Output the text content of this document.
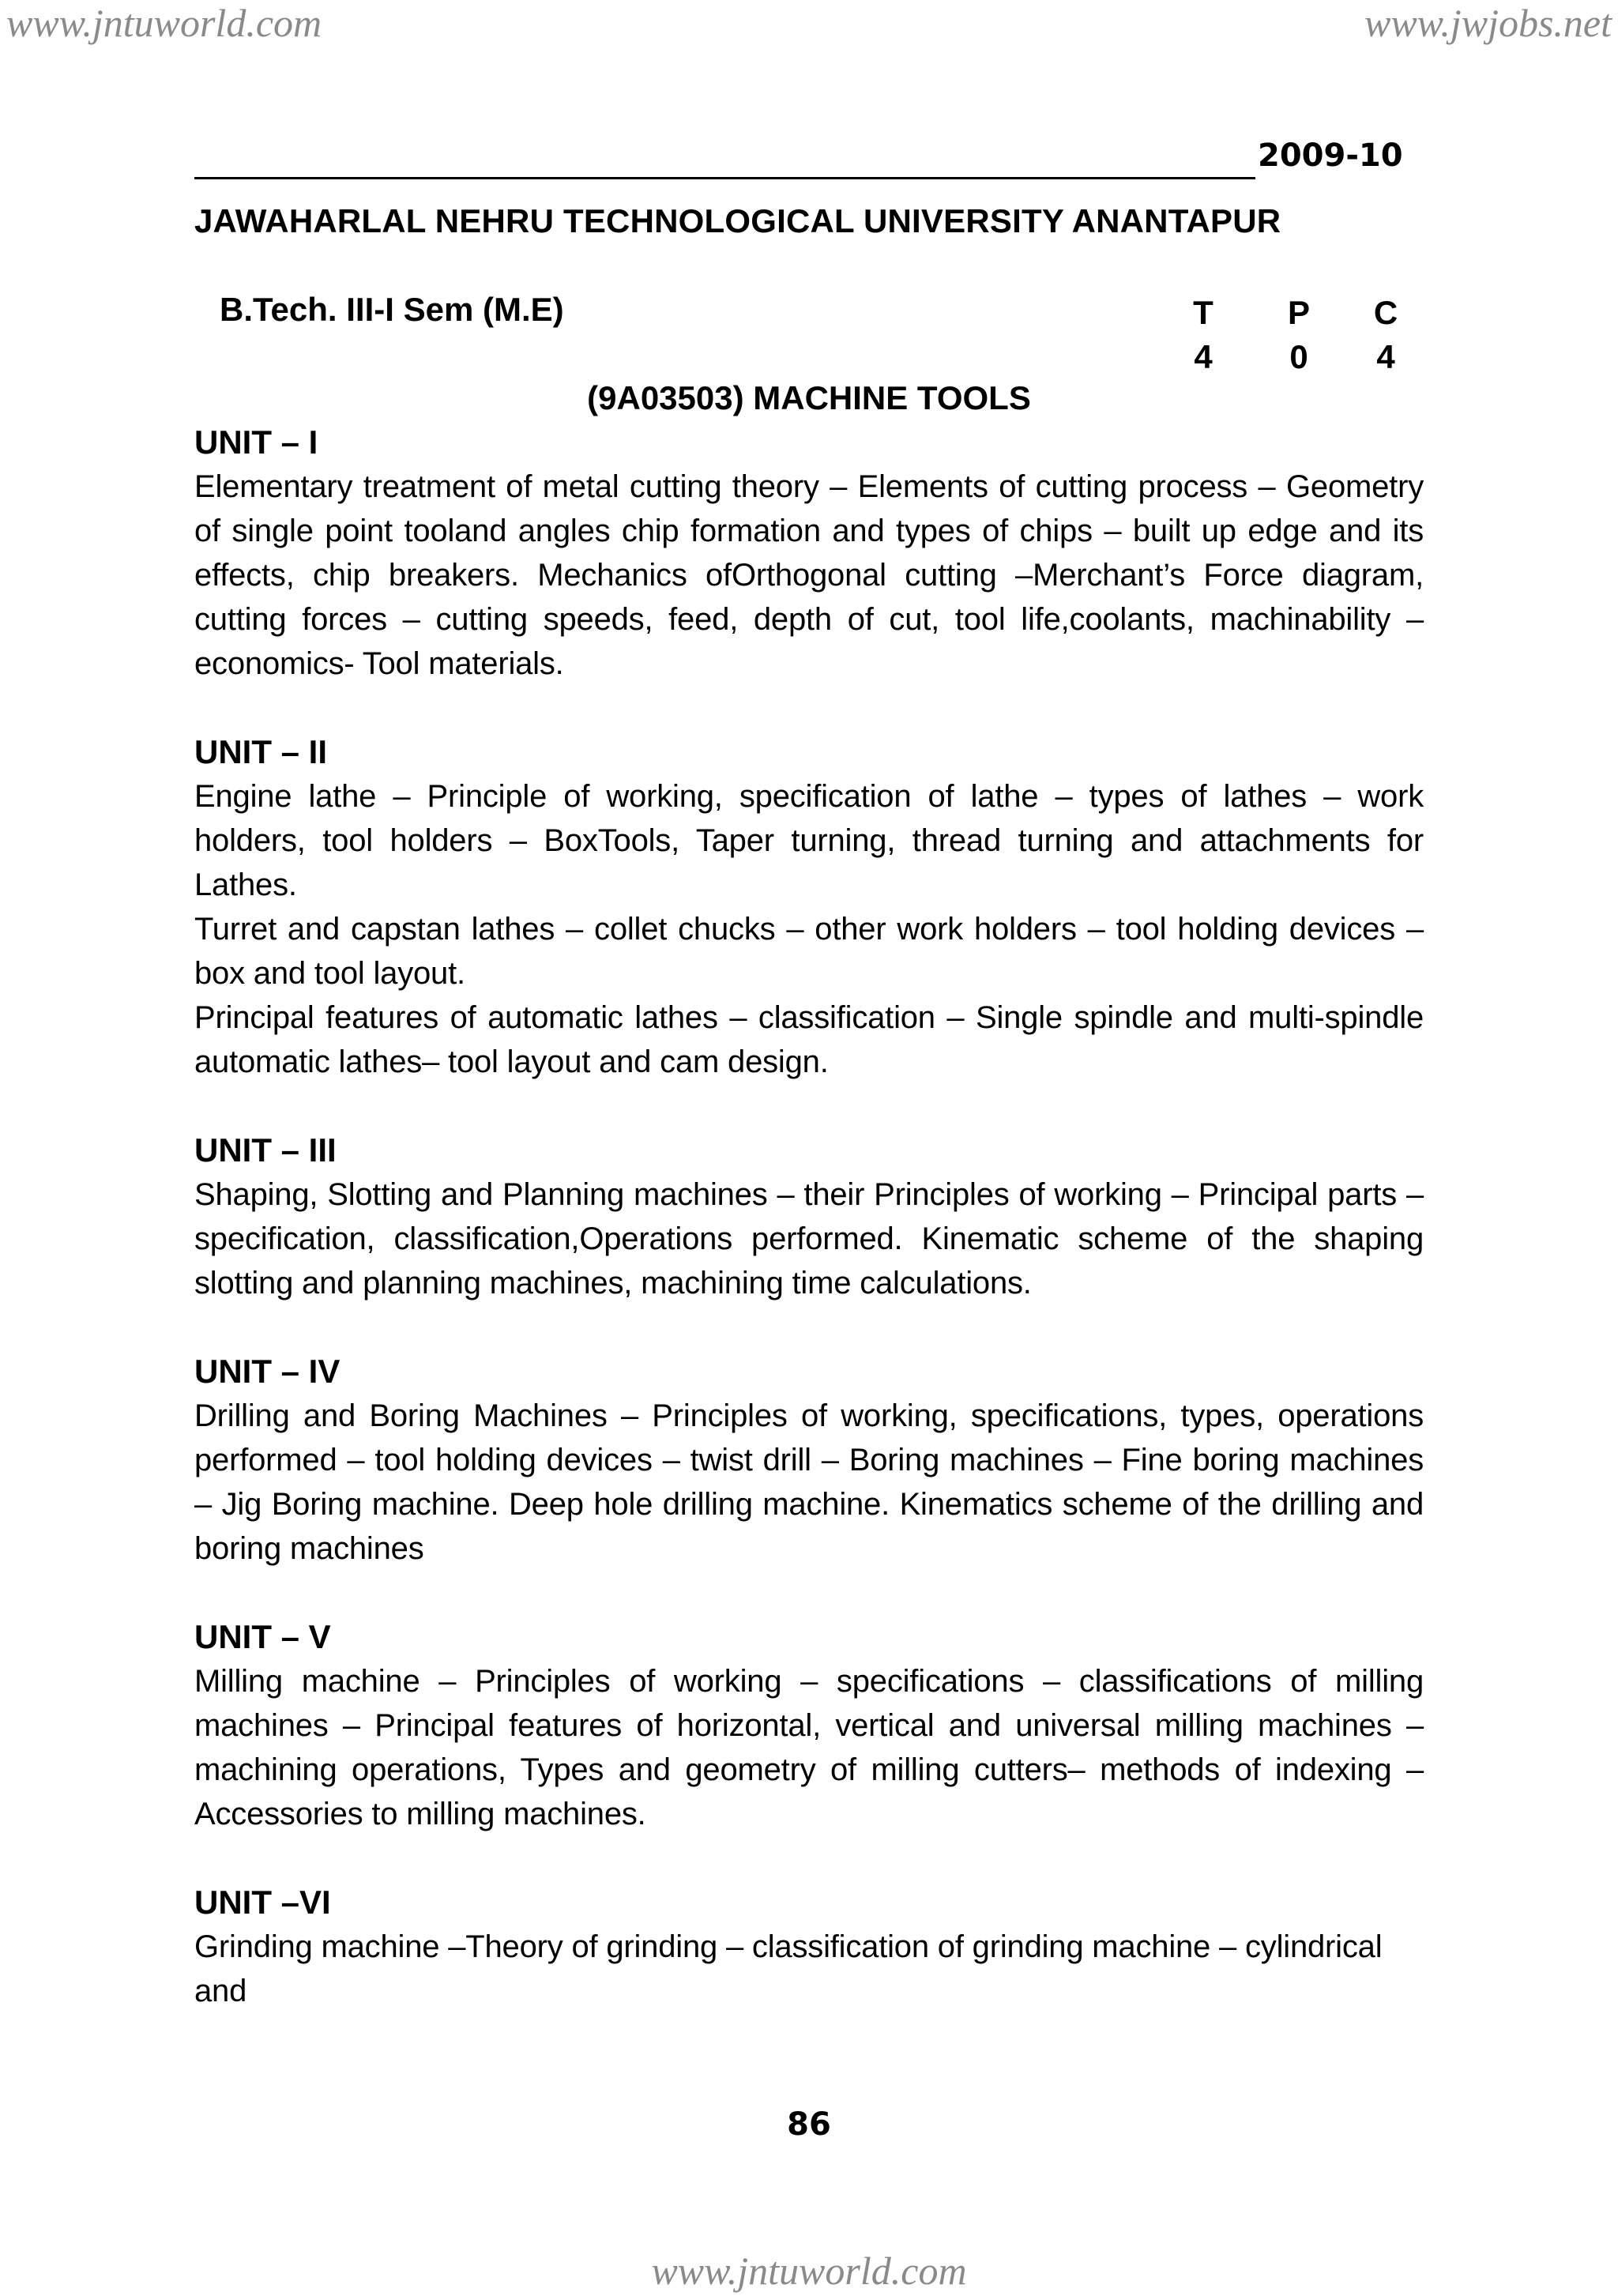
www.jntuworld.com	www.jwjobs.net
2009-10
JAWAHARLAL NEHRU TECHNOLOGICAL UNIVERSITY ANANTAPUR
B.Tech. III-I Sem (M.E)	T
4
P
0
C
4
(9A03503) MACHINE TOOLS
UNIT – I

Elementary treatment of metal cutting theory – Elements of cutting process – Geometry of single point tooland angles chip formation and types of chips – built up edge and its effects, chip breakers. Mechanics ofOrthogonal cutting –Merchant’s Force diagram, cutting forces – cutting speeds, feed, depth of cut, tool life,coolants, machinability – economics- Tool materials.

UNIT – II

Engine lathe – Principle of working, specification of lathe – types of lathes – work holders, tool holders – BoxTools, Taper turning, thread turning and attachments for Lathes.

Turret and capstan lathes – collet chucks – other work holders – tool holding devices – box and tool layout.

Principal features of automatic lathes – classification – Single spindle and multi-spindle automatic lathes– tool layout and cam design.

UNIT – III

Shaping, Slotting and Planning machines – their Principles of working – Principal parts – specification, classification,Operations performed. Kinematic scheme of the shaping slotting and planning machines, machining time calculations.

UNIT – IV

Drilling and Boring Machines – Principles of working, specifications, types, operations performed – tool holding devices – twist drill – Boring machines – Fine boring machines – Jig Boring machine. Deep hole drilling machine. Kinematics scheme of the drilling and boring machines

UNIT – V

Milling machine – Principles of working – specifications – classifications of milling machines – Principal features of horizontal, vertical and universal milling machines – machining operations, Types and geometry of milling cutters– methods of indexing – Accessories to milling machines.

UNIT –VI

Grinding machine –Theory of grinding – classification of grinding machine – cylindrical and

86
www.jntuworld.com
